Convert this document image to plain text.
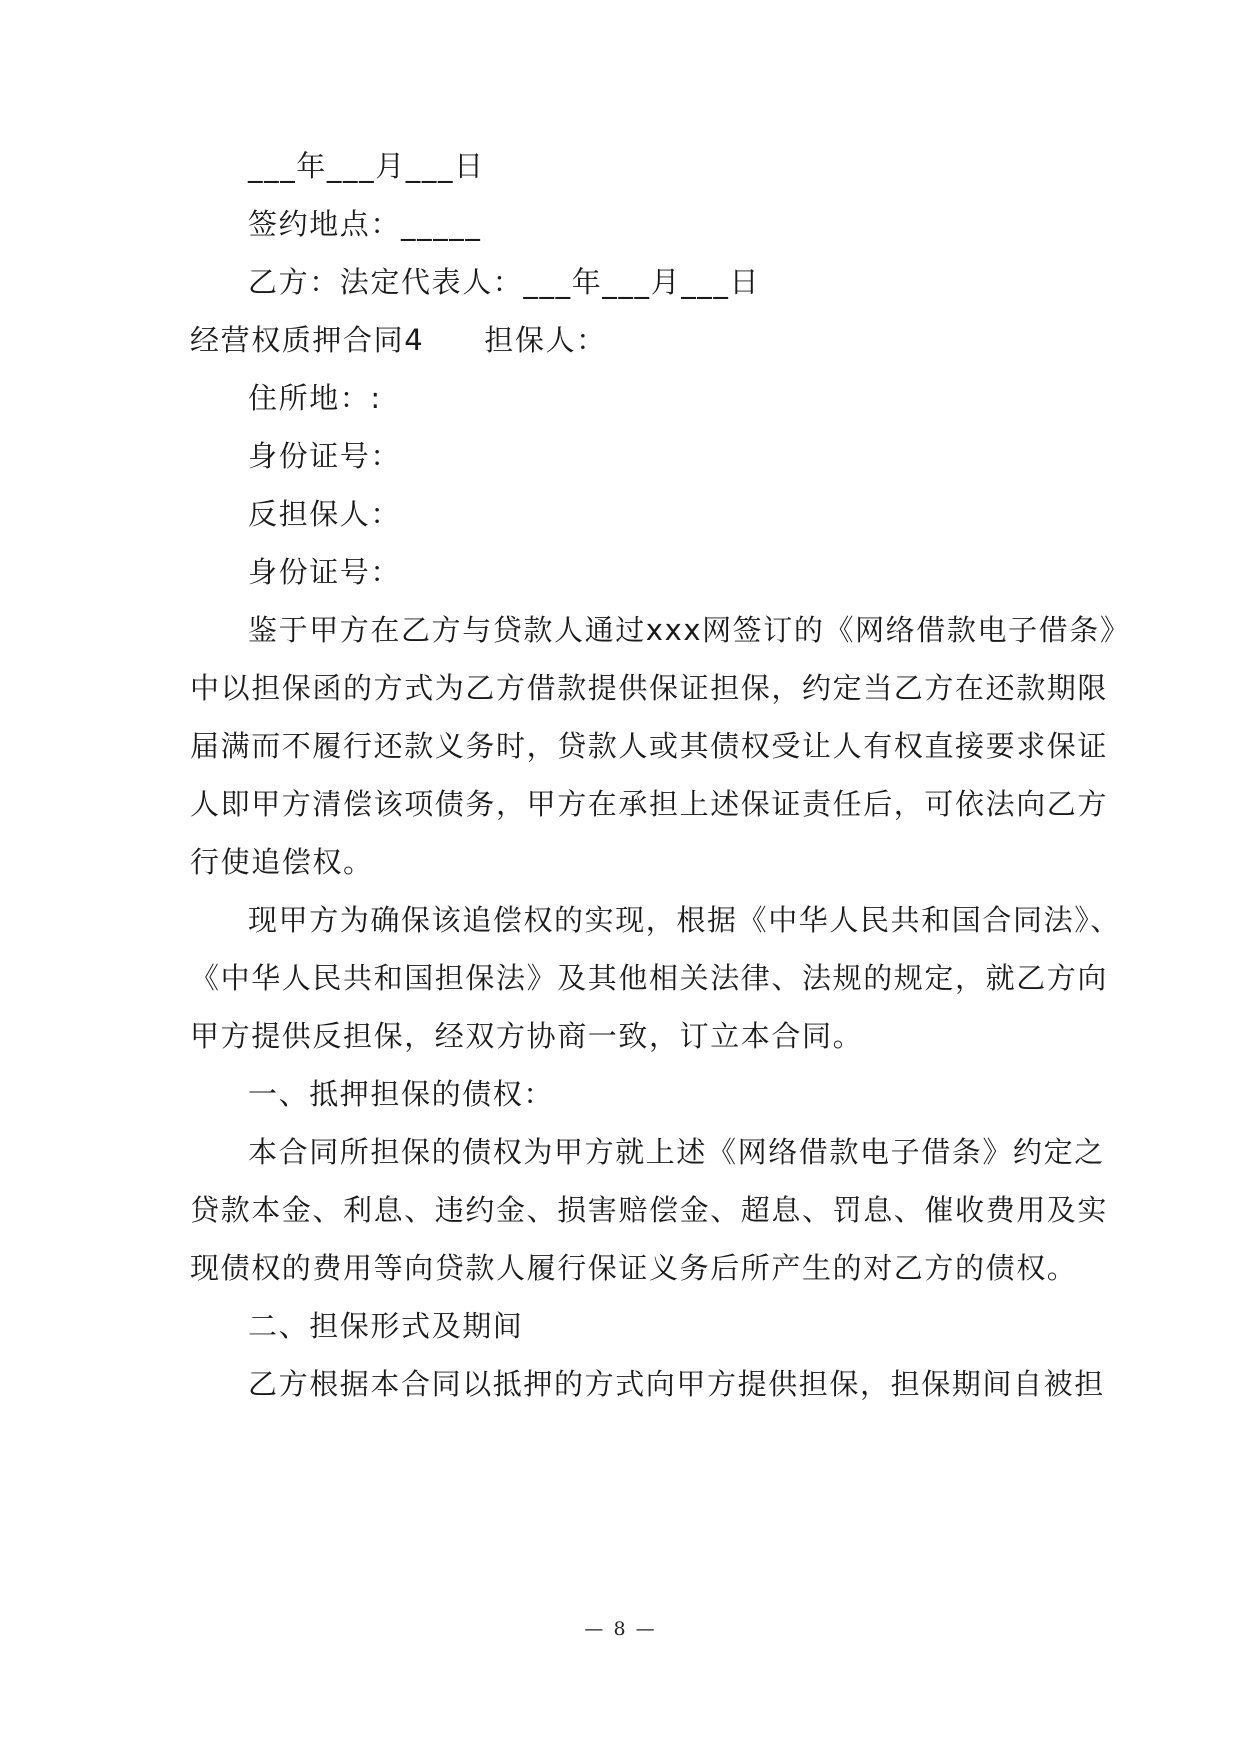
___年___月___日
签约地点：_____
乙方：法定代表人：___年___月___日
经营权质押合同4 担保人：
住所地：:
身份证号：
反担保人：
身份证号：
鉴于甲方在乙方与贷款人通过xxx网签订的《网络借款电子借条》
中以担保函的方式为乙方借款提供保证担保，约定当乙方在还款期限
届满而不履行还款义务时，贷款人或其债权受让人有权直接要求保证
人即甲方清偿该项债务，甲方在承担上述保证责任后，可依法向乙方
行使追偿权。
现甲方为确保该追偿权的实现，根据《中华人民共和国合同法》、
《中华人民共和国担保法》及其他相关法律、法规的规定，就乙方向
甲方提供反担保，经双方协商一致，订立本合同。
一、抵押担保的债权：
本合同所担保的债权为甲方就上述《网络借款电子借条》约定之
贷款本金、利息、违约金、损害赔偿金、超息、罚息、催收费用及实
现债权的费用等向贷款人履行保证义务后所产生的对乙方的债权。
二、担保形式及期间
乙方根据本合同以抵押的方式向甲方提供担保，担保期间自被担
— 8 —
